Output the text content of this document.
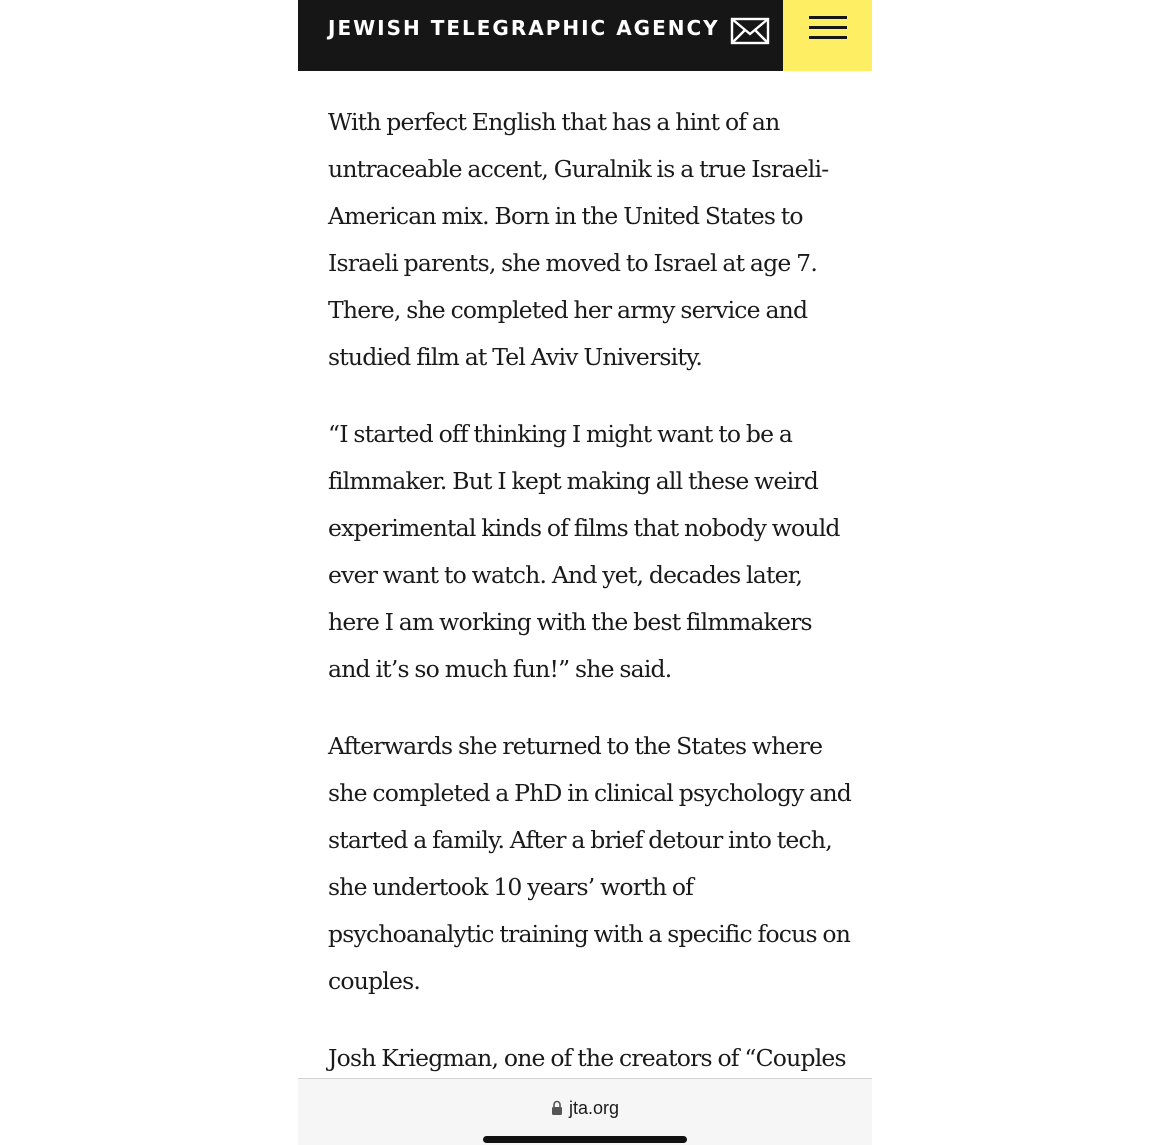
JEWISH TELEGRAPHIC AGENCY

With perfect English that has a hint of an untraceable accent, Guralnik is a true Israeli-American mix. Born in the United States to Israeli parents, she moved to Israel at age 7. There, she completed her army service and studied film at Tel Aviv University.

“I started off thinking I might want to be a filmmaker. But I kept making all these weird experimental kinds of films that nobody would ever want to watch. And yet, decades later, here I am working with the best filmmakers and it’s so much fun!” she said.

Afterwards she returned to the States where she completed a PhD in clinical psychology and started a family. After a brief detour into tech, she undertook 10 years’ worth of psychoanalytic training with a specific focus on couples.

Josh Kriegman, one of the creators of “Couples

jta.org
